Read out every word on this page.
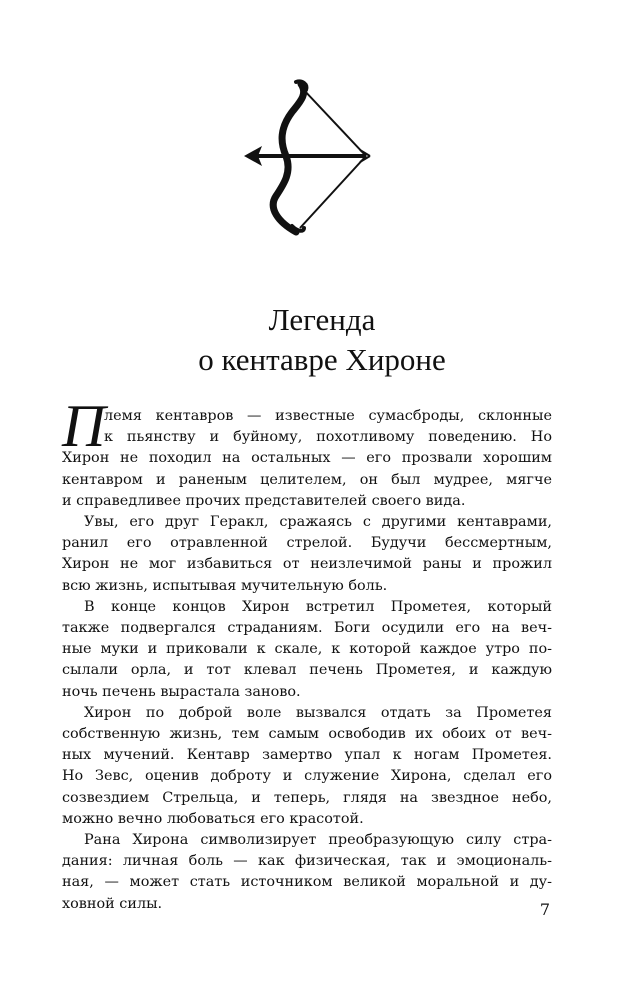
Легенда
о кентавре Хироне
П
лемя кентавров — известные сумасброды, склонные
к пьянству и буйному, похотливому поведению. Но
Хирон не походил на остальных — его прозвали хорошим
кентавром и раненым целителем, он был мудрее, мягче
и справедливее прочих представителей своего вида.
Увы, его друг Геракл, сражаясь с другими кентаврами,
ранил его отравленной стрелой. Будучи бессмертным,
Хирон не мог избавиться от неизлечимой раны и прожил
всю жизнь, испытывая мучительную боль.
В конце концов Хирон встретил Прометея, который
также подвергался страданиям. Боги осудили его на веч-
ные муки и приковали к скале, к которой каждое утро по-
сылали орла, и тот клевал печень Прометея, и каждую
ночь печень вырастала заново.
Хирон по доброй воле вызвался отдать за Прометея
собственную жизнь, тем самым освободив их обоих от веч-
ных мучений. Кентавр замертво упал к ногам Прометея.
Но Зевс, оценив доброту и служение Хирона, сделал его
созвездием Стрельца, и теперь, глядя на звездное небо,
можно вечно любоваться его красотой.
Рана Хирона символизирует преобразующую силу стра-
дания: личная боль — как физическая, так и эмоциональ-
ная, — может стать источником великой моральной и ду-
ховной силы.	7
